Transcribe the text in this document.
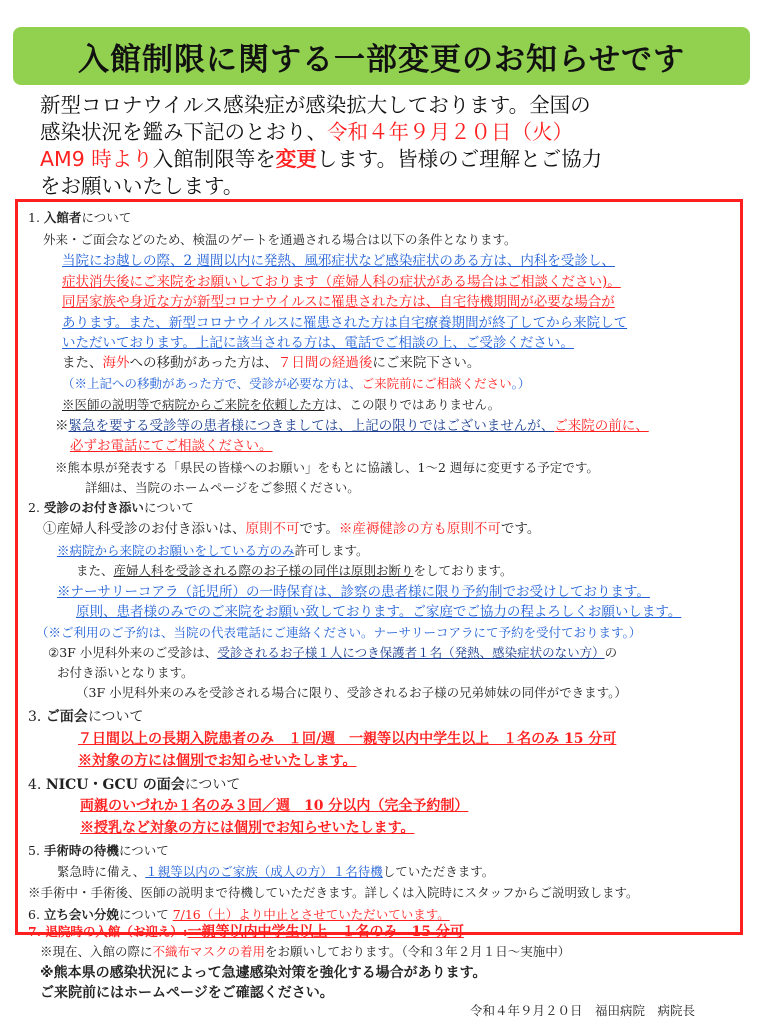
入館制限に関する一部変更のお知らせです
新型コロナウイルス感染症が感染拡大しております。全国の
感染状況を鑑み下記のとおり、令和４年９月２０日（火）
AM9 時より入館制限等を変更します。皆様のご理解とご協力
をお願いいたします。
1. 入館者について
外来・ご面会などのため、検温のゲートを通過される場合は以下の条件となります。
当院にお越しの際、2 週間以内に発熱、風邪症状など感染症状のある方は、内科を受診し、
症状消失後にご来院をお願いしております（産婦人科の症状がある場合はご相談ください)。
同居家族や身近な方が新型コロナウイルスに罹患された方は、自宅待機期間が必要な場合が
あります。また、新型コロナウイルスに罹患された方は自宅療養期間が終了してから来院して
いただいております。上記に該当される方は、電話でご相談の上、ご受診ください。
また、海外への移動があった方は、７日間の経過後にご来院下さい。
（※上記への移動があった方で、受診が必要な方は、ご来院前にご相談ください。）
※医師の説明等で病院からご来院を依頼した方は、この限りではありません。
※緊急を要する受診等の患者様につきましては、上記の限りではございませんが、ご来院の前に、
必ずお電話にてご相談ください。
※熊本県が発表する「県民の皆様へのお願い」をもとに協議し、1～2 週毎に変更する予定です。
詳細は、当院のホームページをご参照ください。
2. 受診のお付き添いについて
①産婦人科受診のお付き添いは、原則不可です。※産褥健診の方も原則不可です。
※病院から来院のお願いをしている方のみ許可します。
また、産婦人科を受診される際のお子様の同伴は原則お断りをしております。
※ナーサリーコアラ（託児所）の一時保育は、診察の患者様に限り予約制でお受けしております。
原則、患者様のみでのご来院をお願い致しております。ご家庭でご協力の程よろしくお願いします。
（※ご利用のご予約は、当院の代表電話にご連絡ください。ナーサリーコアラにて予約を受付ております。）
②3F 小児科外来のご受診は、受診されるお子様１人につき保護者１名（発熱、感染症状のない方）の
お付き添いとなります。
（3F 小児科外来のみを受診される場合に限り、受診されるお子様の兄弟姉妹の同伴ができます。）
3. ご面会について
７日間以上の長期入院患者のみ　１回/週　一親等以内中学生以上　１名のみ 15 分可
※対象の方には個別でお知らせいたします。
4. NICU・GCU の面会について
両親のいづれか１名のみ３回／週　10 分以内（完全予約制）
※授乳など対象の方には個別でお知らせいたします。
5. 手術時の待機について
緊急時に備え、１親等以内のご家族（成人の方）１名待機していただきます。
※手術中・手術後、医師の説明まで待機していただきます。詳しくは入院時にスタッフからご説明致します。
6. 立ち会い分娩について 7/16（土）より中止とさせていただいています。
7. 退院時の入館（お迎え）:一親等以内中学生以上　１名のみ　15 分可
※現在、入館の際に不織布マスクの着用をお願いしております。（令和３年２月１日～実施中）
※熊本県の感染状況によって急遽感染対策を強化する場合があります。
ご来院前にはホームページをご確認ください。
令和４年９月２０日　福田病院　病院長
